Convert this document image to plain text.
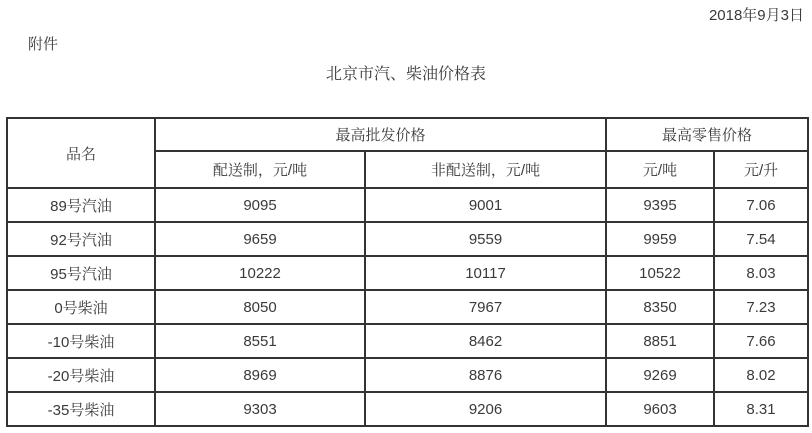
2018年9月3日
附件
北京市汽、柴油价格表
品名	最高批发价格		最高零售价格	
	配送制，元/吨	非配送制，元/吨	元/吨	元/升
89号汽油	9095	9001	9395	7.06
92号汽油	9659	9559	9959	7.54
95号汽油	10222	10117	10522	8.03
0号柴油	8050	7967	8350	7.23
-10号柴油	8551	8462	8851	7.66
-20号柴油	8969	8876	9269	8.02
-35号柴油	9303	9206	9603	8.31
